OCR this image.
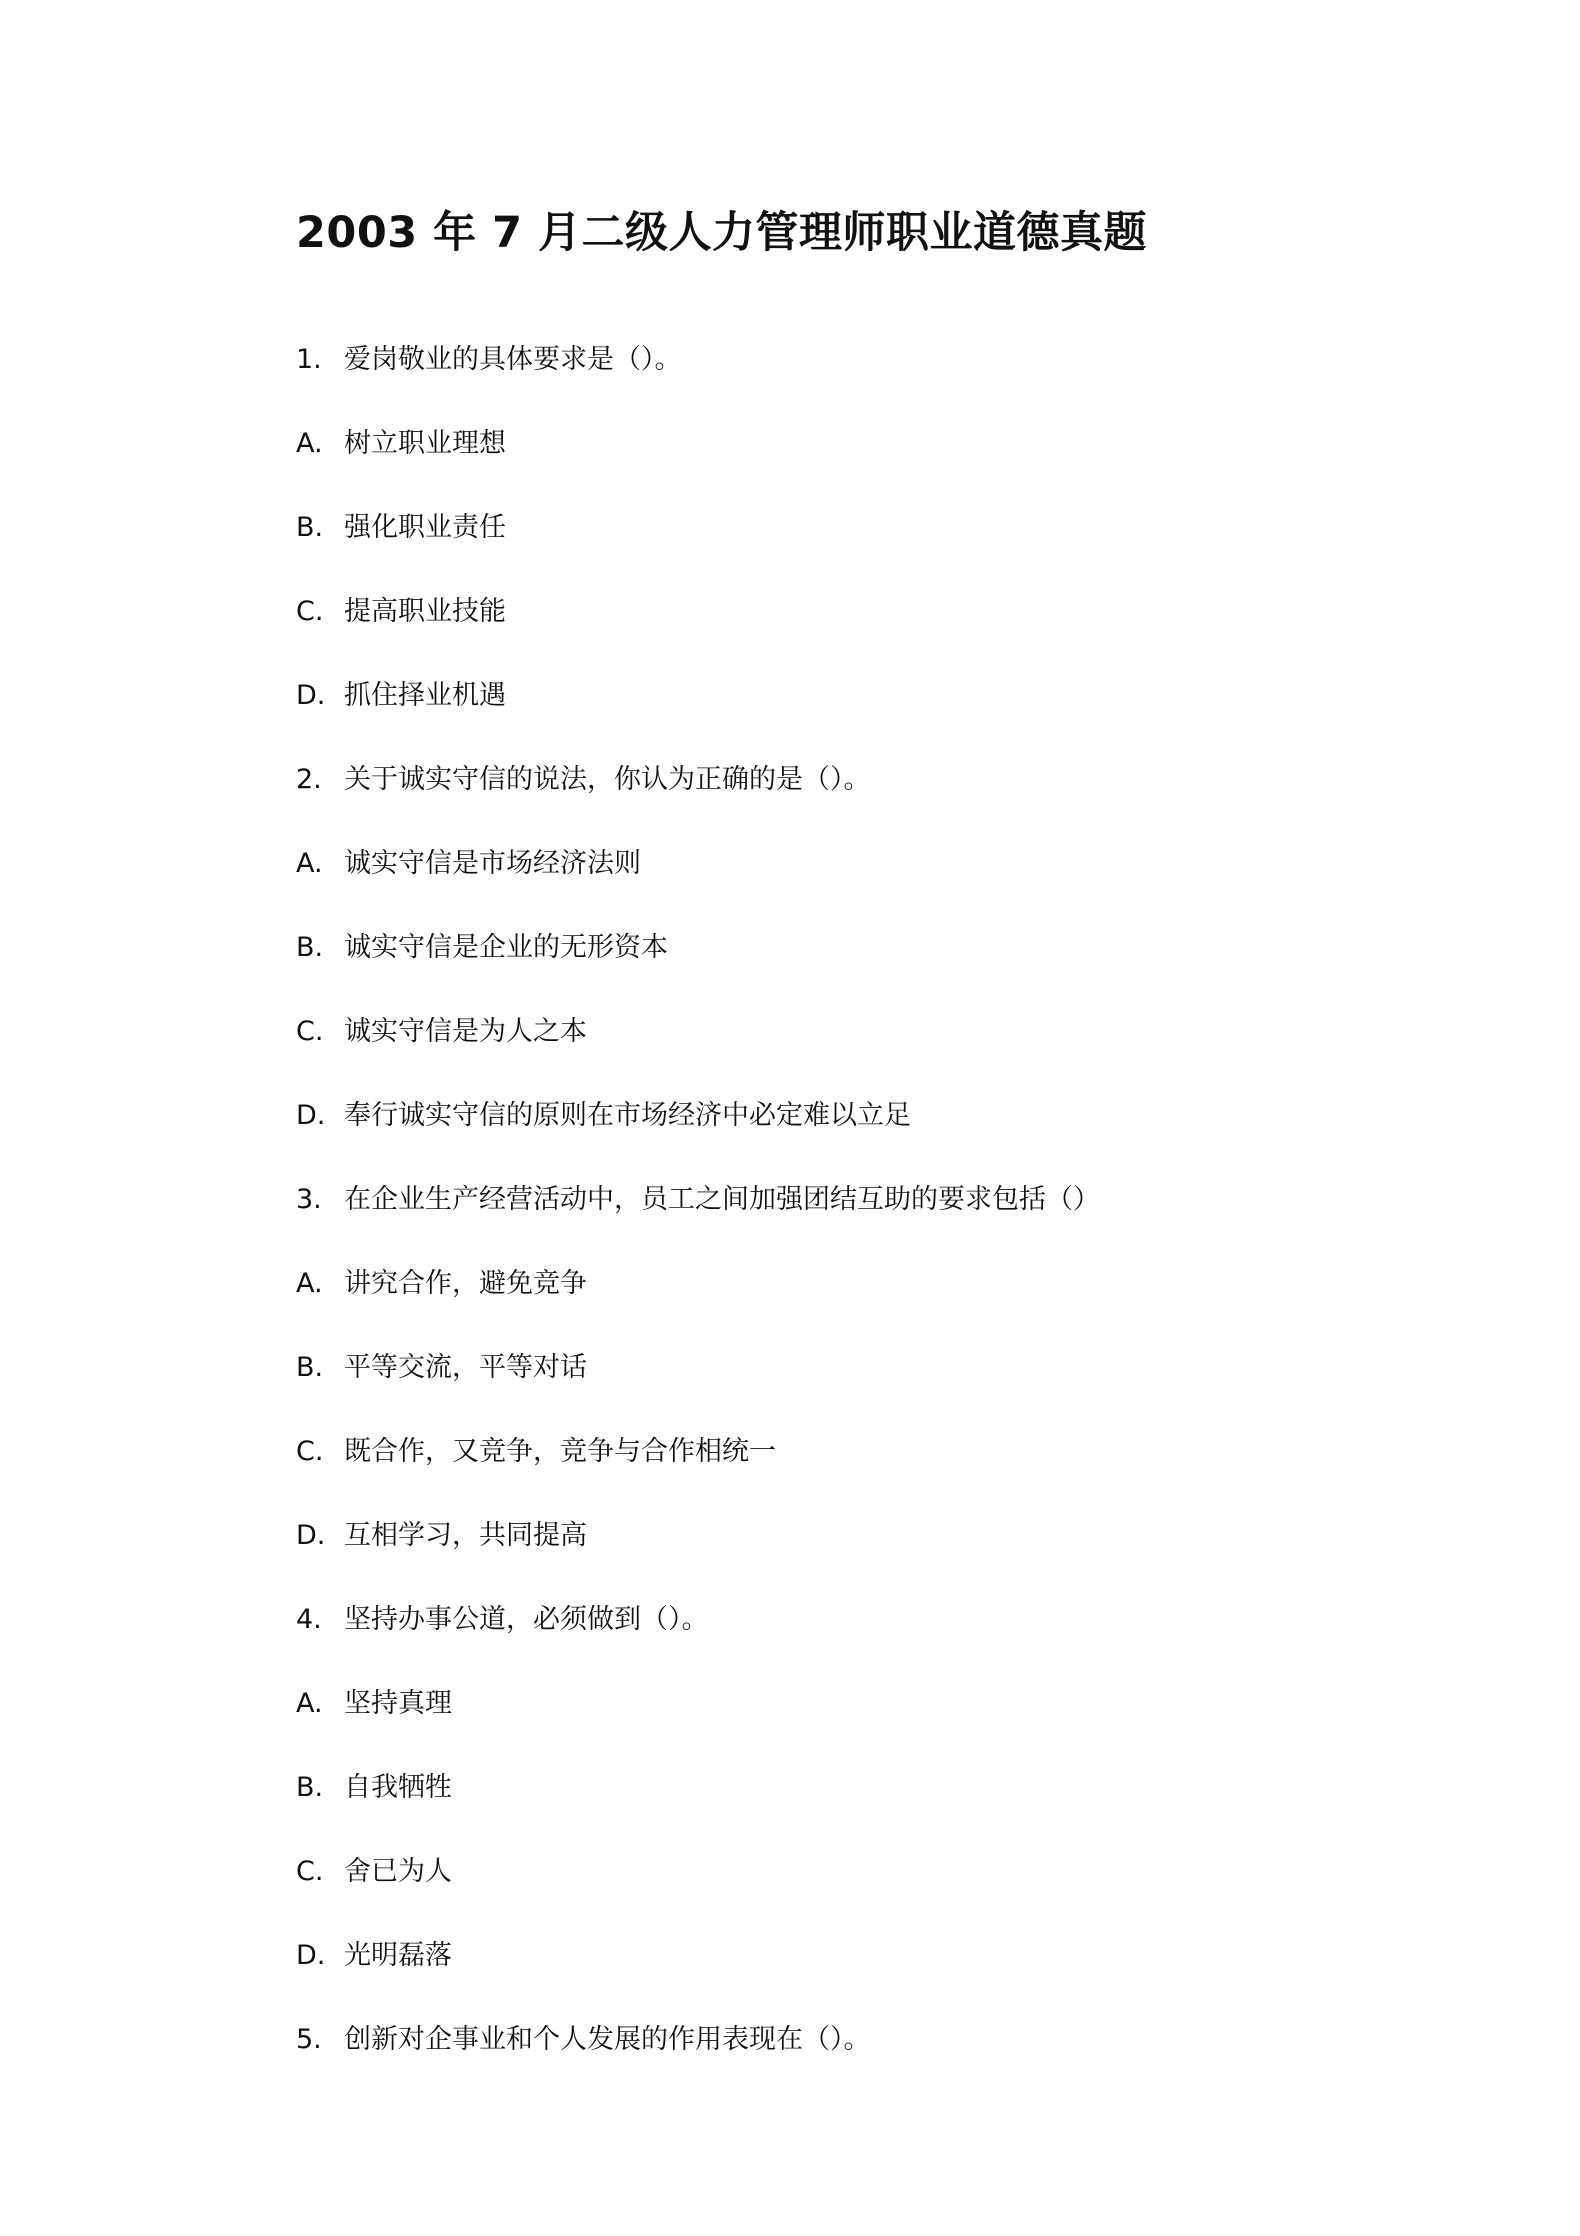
2003 年 7 月二级人力管理师职业道德真题
1. 爱岗敬业的具体要求是（）。
A. 树立职业理想
B. 强化职业责任
C. 提高职业技能
D. 抓住择业机遇
2. 关于诚实守信的说法，你认为正确的是（）。
A. 诚实守信是市场经济法则
B. 诚实守信是企业的无形资本
C. 诚实守信是为人之本
D. 奉行诚实守信的原则在市场经济中必定难以立足
3. 在企业生产经营活动中，员工之间加强团结互助的要求包括（）
A. 讲究合作，避免竞争
B. 平等交流，平等对话
C. 既合作，又竞争，竞争与合作相统一
D. 互相学习，共同提高
4. 坚持办事公道，必须做到（）。
A. 坚持真理
B. 自我牺牲
C. 舍已为人
D. 光明磊落
5. 创新对企事业和个人发展的作用表现在（）。
